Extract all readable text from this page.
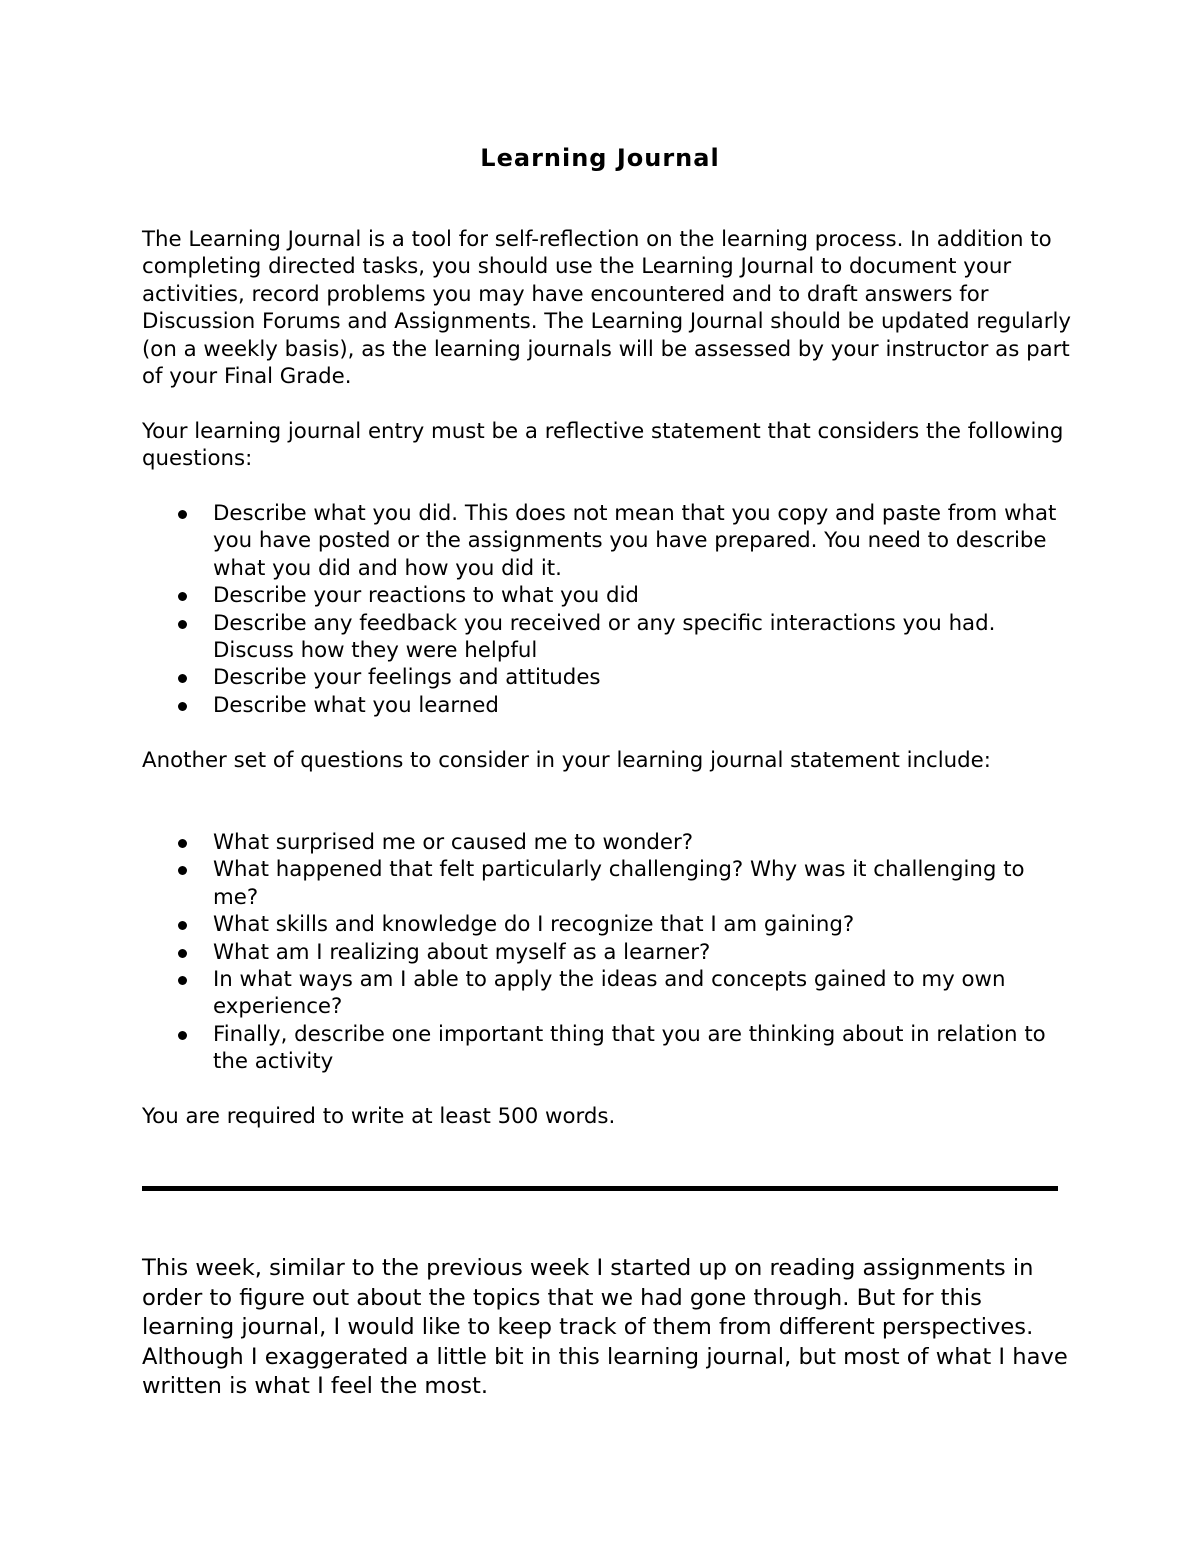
Learning Journal

The Learning Journal is a tool for self-reflection on the learning process. In addition to completing directed tasks, you should use the Learning Journal to document your activities, record problems you may have encountered and to draft answers for Discussion Forums and Assignments. The Learning Journal should be updated regularly (on a weekly basis), as the learning journals will be assessed by your instructor as part of your Final Grade.

Your learning journal entry must be a reflective statement that considers the following questions:

Describe what you did. This does not mean that you copy and paste from what you have posted or the assignments you have prepared. You need to describe what you did and how you did it.
Describe your reactions to what you did
Describe any feedback you received or any specific interactions you had. Discuss how they were helpful
Describe your feelings and attitudes
Describe what you learned

Another set of questions to consider in your learning journal statement include:

What surprised me or caused me to wonder?
What happened that felt particularly challenging? Why was it challenging to me?
What skills and knowledge do I recognize that I am gaining?
What am I realizing about myself as a learner?
In what ways am I able to apply the ideas and concepts gained to my own experience?
Finally, describe one important thing that you are thinking about in relation to the activity

You are required to write at least 500 words.

This week, similar to the previous week I started up on reading assignments in order to figure out about the topics that we had gone through. But for this learning journal, I would like to keep track of them from different perspectives. Although I exaggerated a little bit in this learning journal, but most of what I have written is what I feel the most.
